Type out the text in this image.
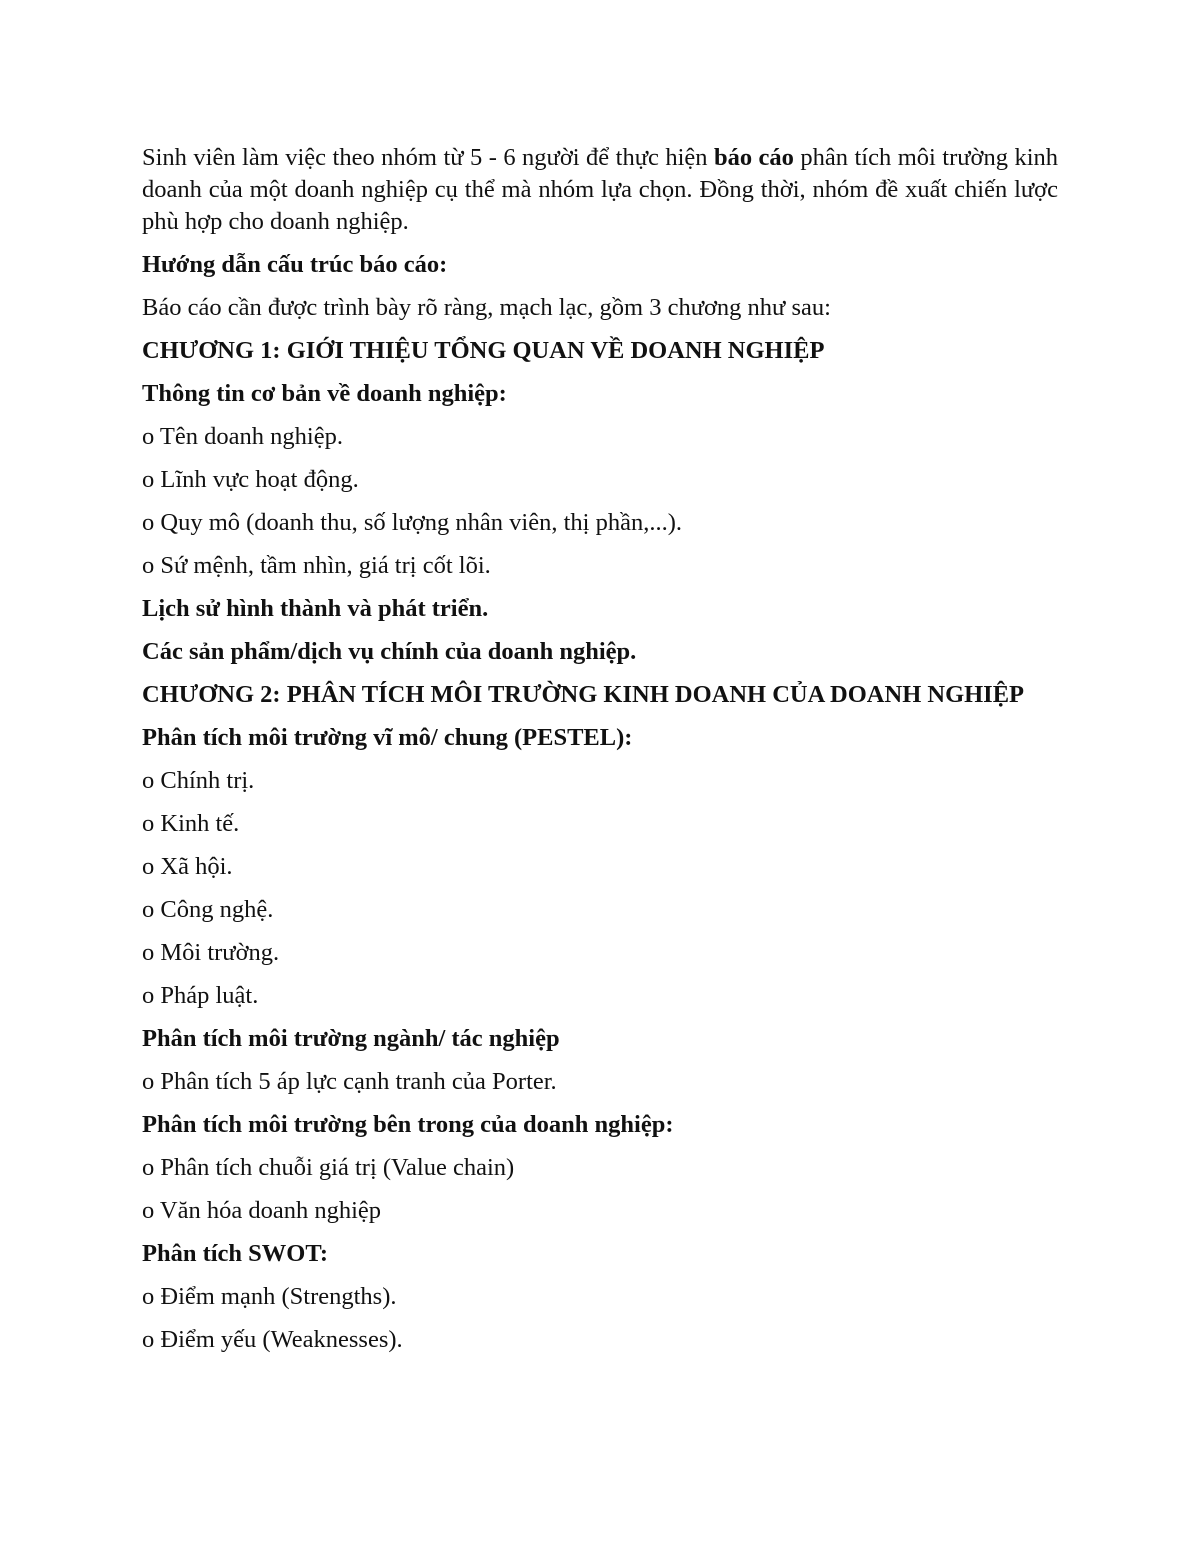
Sinh viên làm việc theo nhóm từ 5 - 6 người để thực hiện báo cáo phân tích môi trường kinh doanh của một doanh nghiệp cụ thể mà nhóm lựa chọn. Đồng thời, nhóm đề xuất chiến lược phù hợp cho doanh nghiệp.

Hướng dẫn cấu trúc báo cáo:

Báo cáo cần được trình bày rõ ràng, mạch lạc, gồm 3 chương như sau:

CHƯƠNG 1: GIỚI THIỆU TỔNG QUAN VỀ DOANH NGHIỆP

Thông tin cơ bản về doanh nghiệp:

o Tên doanh nghiệp.

o Lĩnh vực hoạt động.

o Quy mô (doanh thu, số lượng nhân viên, thị phần,...).

o Sứ mệnh, tầm nhìn, giá trị cốt lõi.

Lịch sử hình thành và phát triển.

Các sản phẩm/dịch vụ chính của doanh nghiệp.

CHƯƠNG 2: PHÂN TÍCH MÔI TRƯỜNG KINH DOANH CỦA DOANH NGHIỆP

Phân tích môi trường vĩ mô/ chung (PESTEL):

o Chính trị.

o Kinh tế.

o Xã hội.

o Công nghệ.

o Môi trường.

o Pháp luật.

Phân tích môi trường ngành/ tác nghiệp

o Phân tích 5 áp lực cạnh tranh của Porter.

Phân tích môi trường bên trong của doanh nghiệp:

o Phân tích chuỗi giá trị (Value chain)

o Văn hóa doanh nghiệp

Phân tích SWOT:

o Điểm mạnh (Strengths).

o Điểm yếu (Weaknesses).
